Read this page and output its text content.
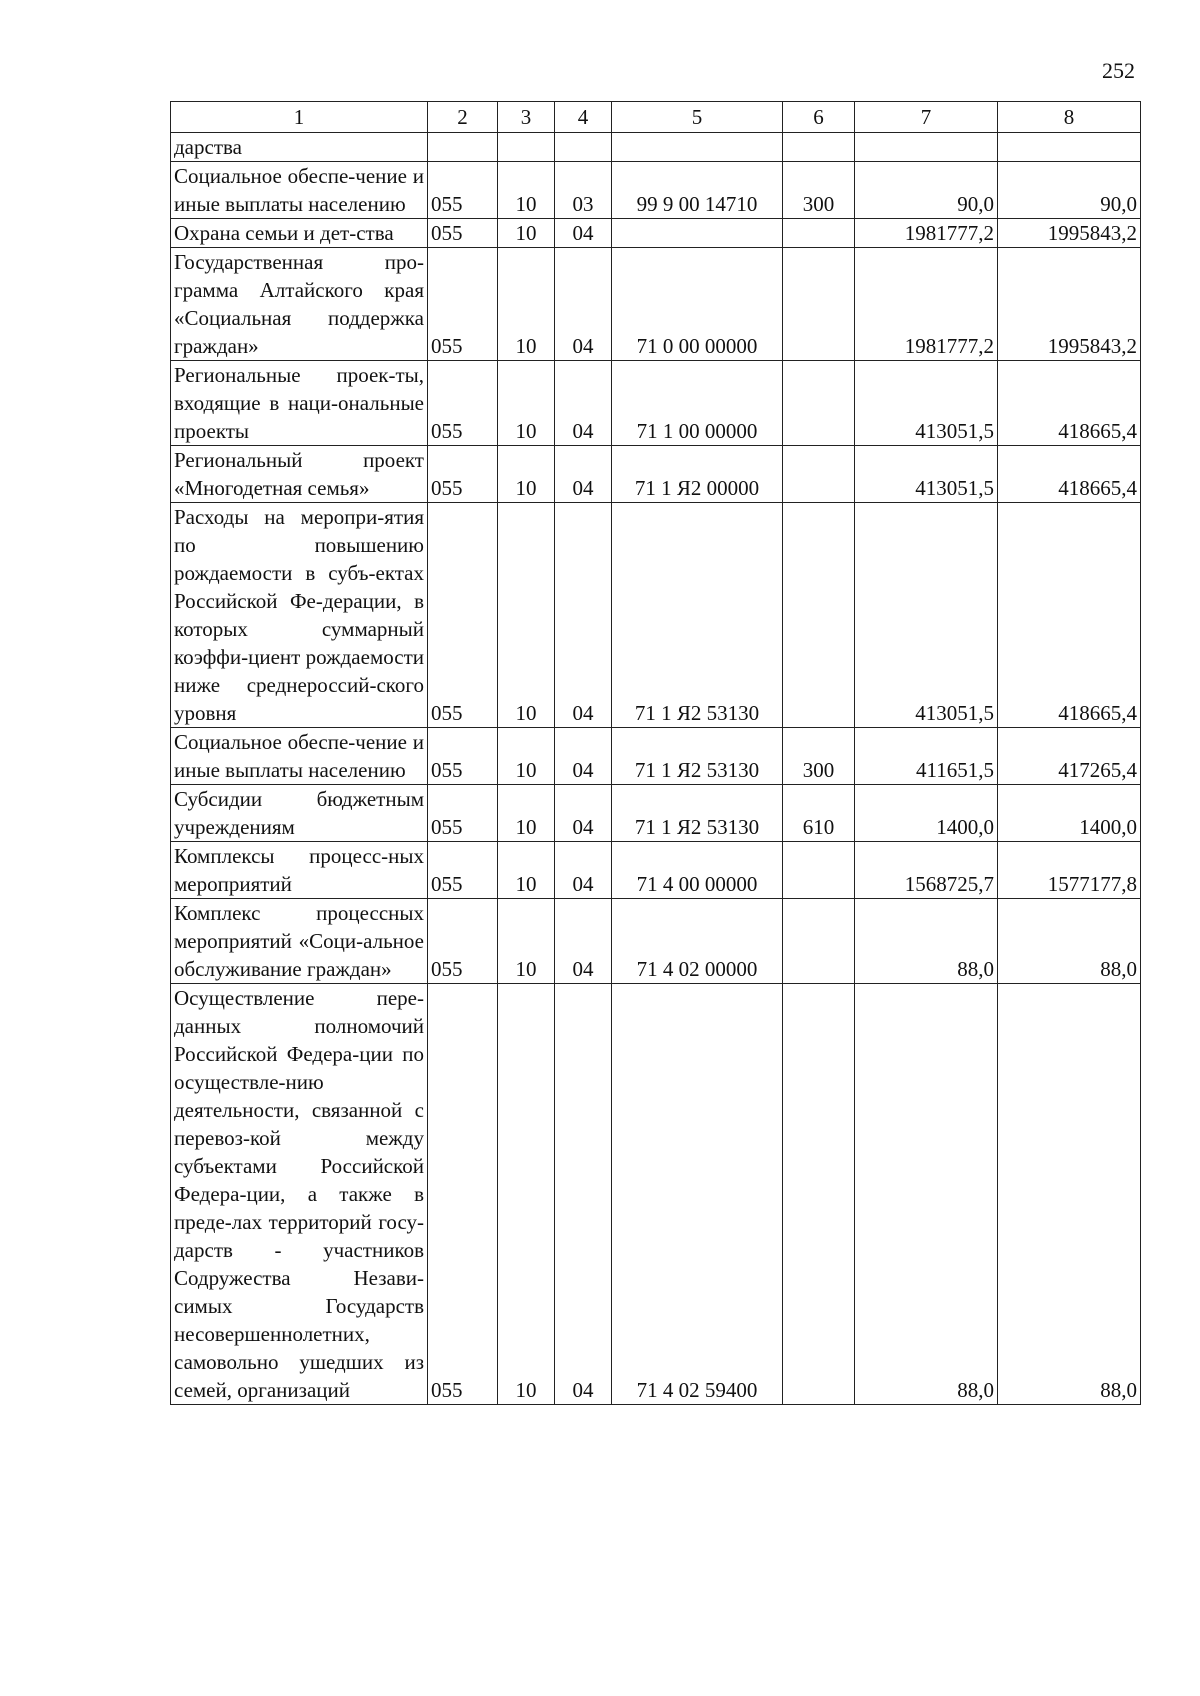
252
1	2	3	4	5	6	7	8
дарства							
Социальное обеспе-чение и иные выплаты населению	055	10	03	99 9 00 14710	300	90,0	90,0
Охрана семьи и дет-ства	055	10	04			1981777,2	1995843,2
Государственная про-грамма Алтайского края «Социальная поддержка граждан»	055	10	04	71 0 00 00000		1981777,2	1995843,2
Региональные проек-ты, входящие в наци-ональные проекты	055	10	04	71 1 00 00000		413051,5	418665,4
Региональный проект «Многодетная семья»	055	10	04	71 1 Я2 00000		413051,5	418665,4
Расходы на меропри-ятия по повышению рождаемости в субъ-ектах Российской Фе-дерации, в которых суммарный коэффи-циент рождаемости ниже среднероссий-ского уровня	055	10	04	71 1 Я2 53130		413051,5	418665,4
Социальное обеспе-чение и иные выплаты населению	055	10	04	71 1 Я2 53130	300	411651,5	417265,4
Субсидии бюджетным учреждениям	055	10	04	71 1 Я2 53130	610	1400,0	1400,0
Комплексы процесс-ных мероприятий	055	10	04	71 4 00 00000		1568725,7	1577177,8
Комплекс процессных мероприятий «Соци-альное обслуживание граждан»	055	10	04	71 4 02 00000		88,0	88,0
Осуществление пере-данных полномочий Российской Федера-ции по осуществле-нию деятельности, связанной с перевоз-кой между субъектами Российской Федера-ции, а также в преде-лах территорий госу-дарств - участников Содружества Незави-симых Государств несовершеннолетних, самовольно ушедших из семей, организаций	055	10	04	71 4 02 59400		88,0	88,0
